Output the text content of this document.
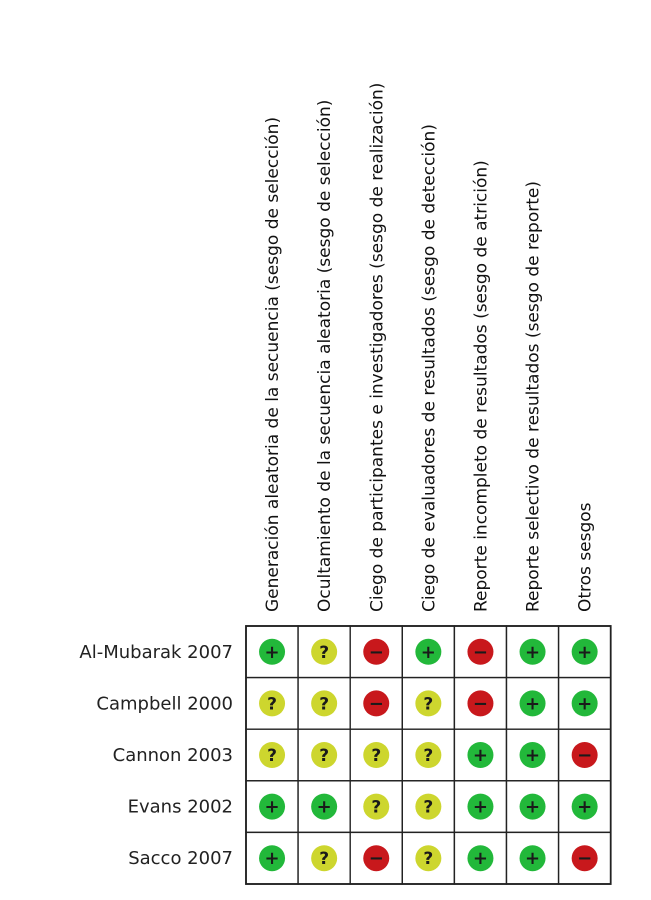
Generación aleatoria de la secuencia (sesgo de selección) Ocultamiento de la secuencia aleatoria (sesgo de selección) Ciego de participantes e investigadores (sesgo de realización) Ciego de evaluadores de resultados (sesgo de detección) Reporte incompleto de resultados (sesgo de atrición) Reporte selectivo de resultados (sesgo de reporte) Otros sesgos
Al-Mubarak 2007
Campbell 2000
Cannon 2003
Evans 2002
Sacco 2007
+ ? − + − + +
? ? − ? − + +
? ? ? ? + + −
+ + ? ? + + +
+ ? − ? + + −
